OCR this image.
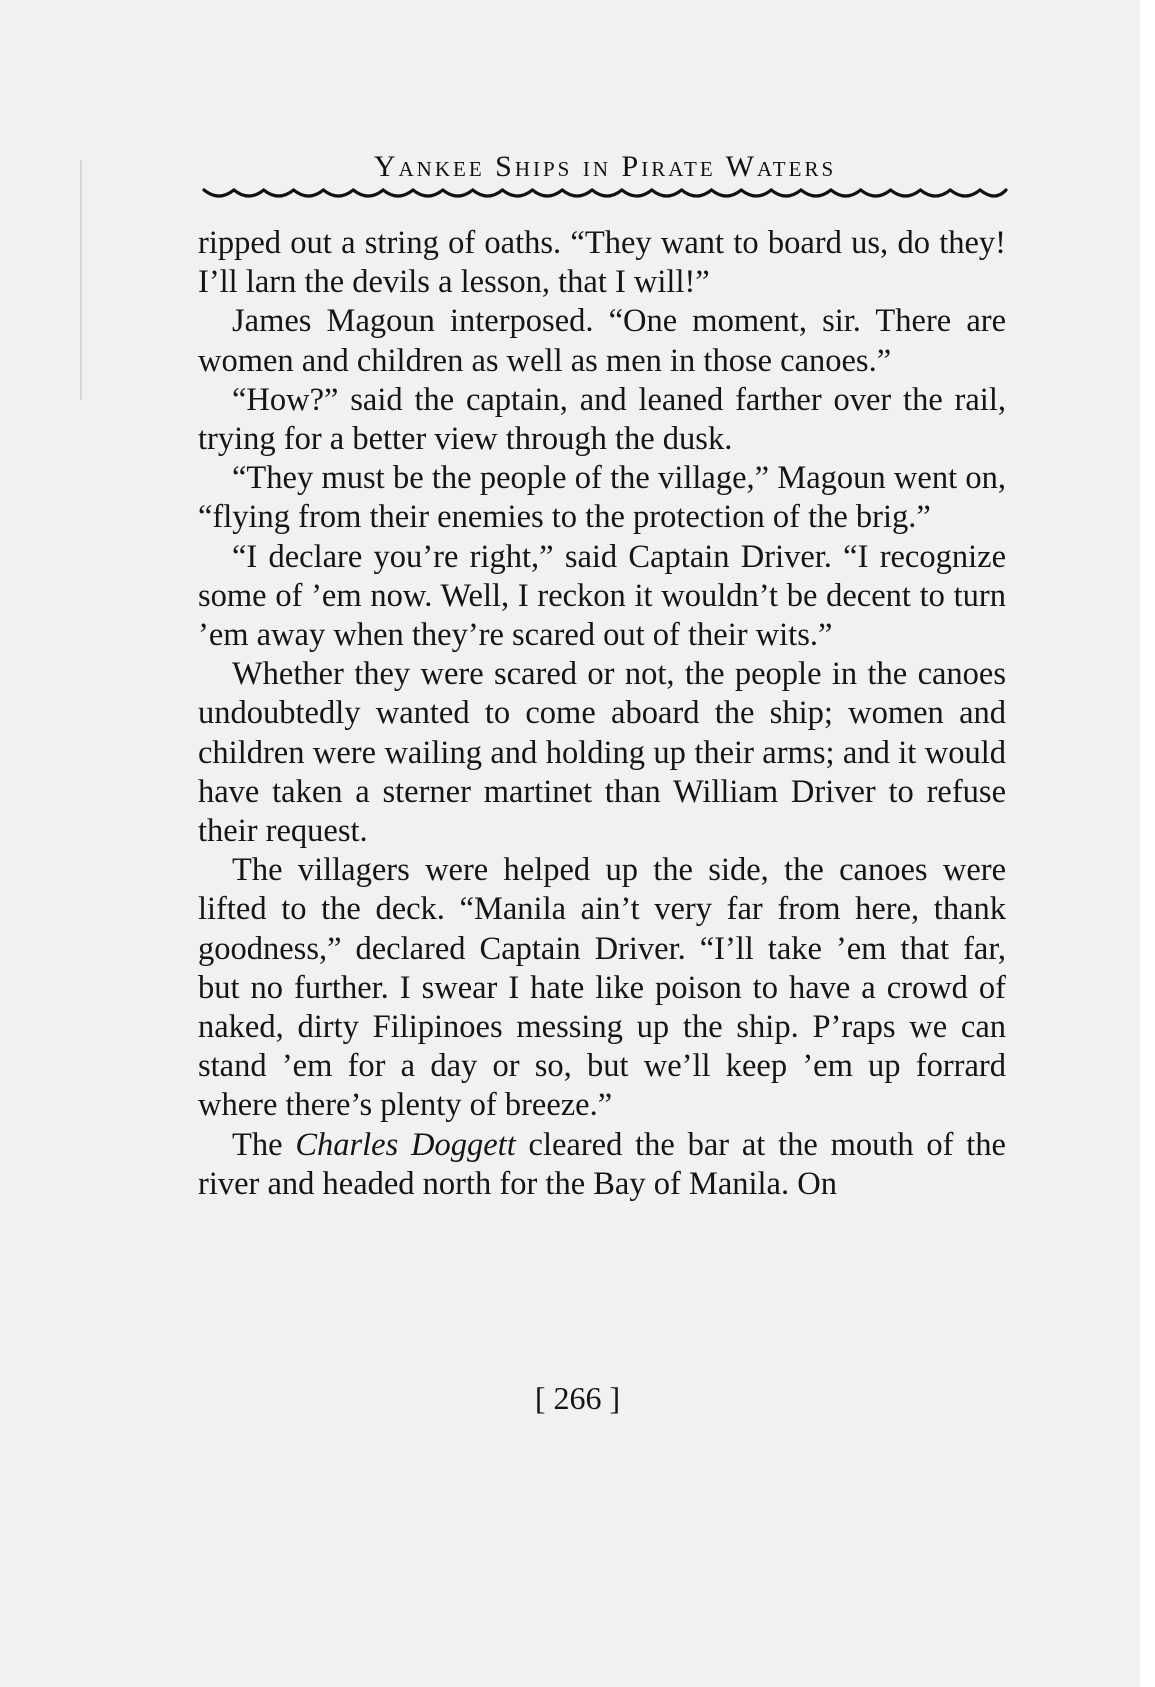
Yankee Ships in Pirate Waters

ripped out a string of oaths. “They want to board us, do they! I’ll larn the devils a lesson, that I will!”

James Magoun interposed. “One moment, sir. There are women and children as well as men in those canoes.”

“How?” said the captain, and leaned farther over the rail, trying for a better view through the dusk.

“They must be the people of the village,” Magoun went on, “flying from their enemies to the protection of the brig.”

“I declare you’re right,” said Captain Driver. “I recognize some of ’em now. Well, I reckon it wouldn’t be decent to turn ’em away when they’re scared out of their wits.”

Whether they were scared or not, the people in the canoes undoubtedly wanted to come aboard the ship; women and children were wailing and holding up their arms; and it would have taken a sterner martinet than William Driver to refuse their request.

The villagers were helped up the side, the canoes were lifted to the deck. “Manila ain’t very far from here, thank goodness,” declared Captain Driver. “I’ll take ’em that far, but no further. I swear I hate like poison to have a crowd of naked, dirty Filipinoes messing up the ship. P’raps we can stand ’em for a day or so, but we’ll keep ’em up forrard where there’s plenty of breeze.”

The Charles Doggett cleared the bar at the mouth of the river and headed north for the Bay of Manila. On

[ 266 ]
